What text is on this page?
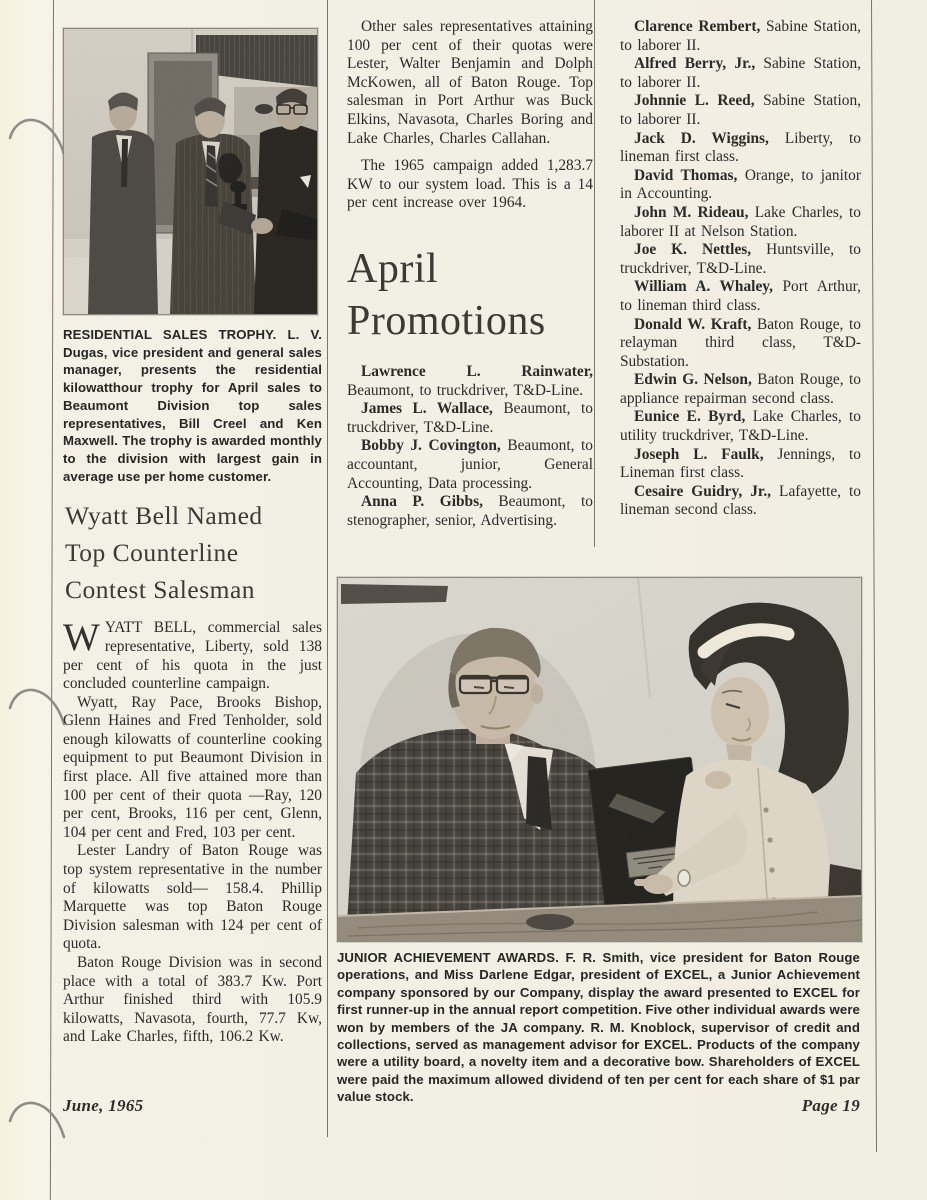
RESIDENTIAL SALES TROPHY. L. V. Dugas, vice president and general sales manager, presents the residential kilowatthour trophy for April sales to Beaumont Division top sales representatives, Bill Creel and Ken Maxwell. The trophy is awarded monthly to the division with largest gain in average use per home customer.

Wyatt Bell Named
Top Counterline
Contest Salesman

WYATT BELL, commercial sales representative, Liberty, sold 138 per cent of his quota in the just concluded counterline campaign.

Wyatt, Ray Pace, Brooks Bishop, Glenn Haines and Fred Tenholder, sold enough kilowatts of counterline cooking equipment to put Beaumont Division in first place. All five attained more than 100 per cent of their quota —Ray, 120 per cent, Brooks, 116 per cent, Glenn, 104 per cent and Fred, 103 per cent.

Lester Landry of Baton Rouge was top system representative in the number of kilowatts sold— 158.4. Phillip Marquette was top Baton Rouge Division salesman with 124 per cent of quota.

Baton Rouge Division was in second place with a total of 383.7 Kw. Port Arthur finished third with 105.9 kilowatts, Navasota, fourth, 77.7 Kw, and Lake Charles, fifth, 106.2 Kw.

Other sales representatives attaining 100 per cent of their quotas were Lester, Walter Benjamin and Dolph McKowen, all of Baton Rouge. Top salesman in Port Arthur was Buck Elkins, Navasota, Charles Boring and Lake Charles, Charles Callahan.

The 1965 campaign added 1,283.7 KW to our system load. This is a 14 per cent increase over 1964.

April
Promotions

Lawrence L. Rainwater, Beaumont, to truckdriver, T&D-Line.

James L. Wallace, Beaumont, to truckdriver, T&D-Line.

Bobby J. Covington, Beaumont, to accountant, junior, General Accounting, Data processing.

Anna P. Gibbs, Beaumont, to stenographer, senior, Advertising.

Clarence Rembert, Sabine Station, to laborer II.

Alfred Berry, Jr., Sabine Station, to laborer II.

Johnnie L. Reed, Sabine Station, to laborer II.

Jack D. Wiggins, Liberty, to lineman first class.

David Thomas, Orange, to janitor in Accounting.

John M. Rideau, Lake Charles, to laborer II at Nelson Station.

Joe K. Nettles, Huntsville, to truckdriver, T&D-Line.

William A. Whaley, Port Arthur, to lineman third class.

Donald W. Kraft, Baton Rouge, to relayman third class, T&D-Substation.

Edwin G. Nelson, Baton Rouge, to appliance repairman second class.

Eunice E. Byrd, Lake Charles, to utility truckdriver, T&D-Line.

Joseph L. Faulk, Jennings, to Lineman first class.

Cesaire Guidry, Jr., Lafayette, to lineman second class.

JUNIOR ACHIEVEMENT AWARDS. F. R. Smith, vice president for Baton Rouge operations, and Miss Darlene Edgar, president of EXCEL, a Junior Achievement company sponsored by our Company, display the award presented to EXCEL for first runner-up in the annual report competition. Five other individual awards were won by members of the JA company. R. M. Knoblock, supervisor of credit and collections, served as management advisor for EXCEL. Products of the company were a utility board, a novelty item and a decorative bow. Shareholders of EXCEL were paid the maximum allowed dividend of ten per cent for each share of $1 par value stock.

June, 1965	Page 19
